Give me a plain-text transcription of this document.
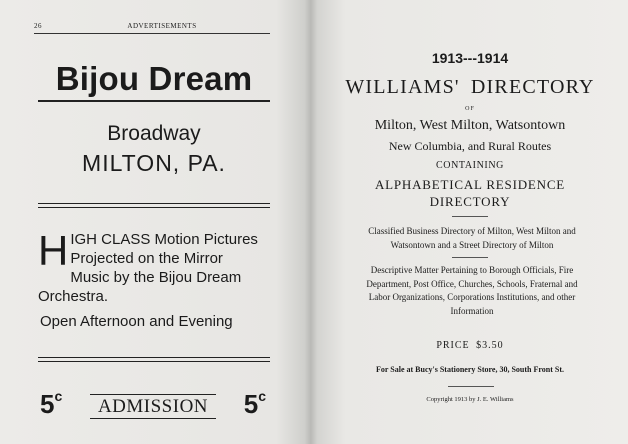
26	ADVERTISEMENTS
Bijou Dream
Broadway
MILTON, PA.
H IGH CLASS Motion Pictures
Projected on the Mirror
Music by the Bijou Dream
Orchestra.
Open Afternoon and Evening
5$^c$	ADMISSION	5$^c$
1913---1914
WILLIAMS' DIRECTORY
OF
Milton, West Milton, Watsontown
New Columbia, and Rural Routes
CONTAINING
ALPHABETICAL RESIDENCE
DIRECTORY
Classified Business Directory of Milton, West Milton and Watsontown and a Street Directory of Milton
Descriptive Matter Pertaining to Borough Officials, Fire Department, Post Office, Churches, Schools, Fraternal and Labor Organizations, Corporations Institutions, and other Information
PRICE $3.50
For Sale at Bucy's Stationery Store, 30, South Front St.
Copyright 1913 by J. E. Williams
